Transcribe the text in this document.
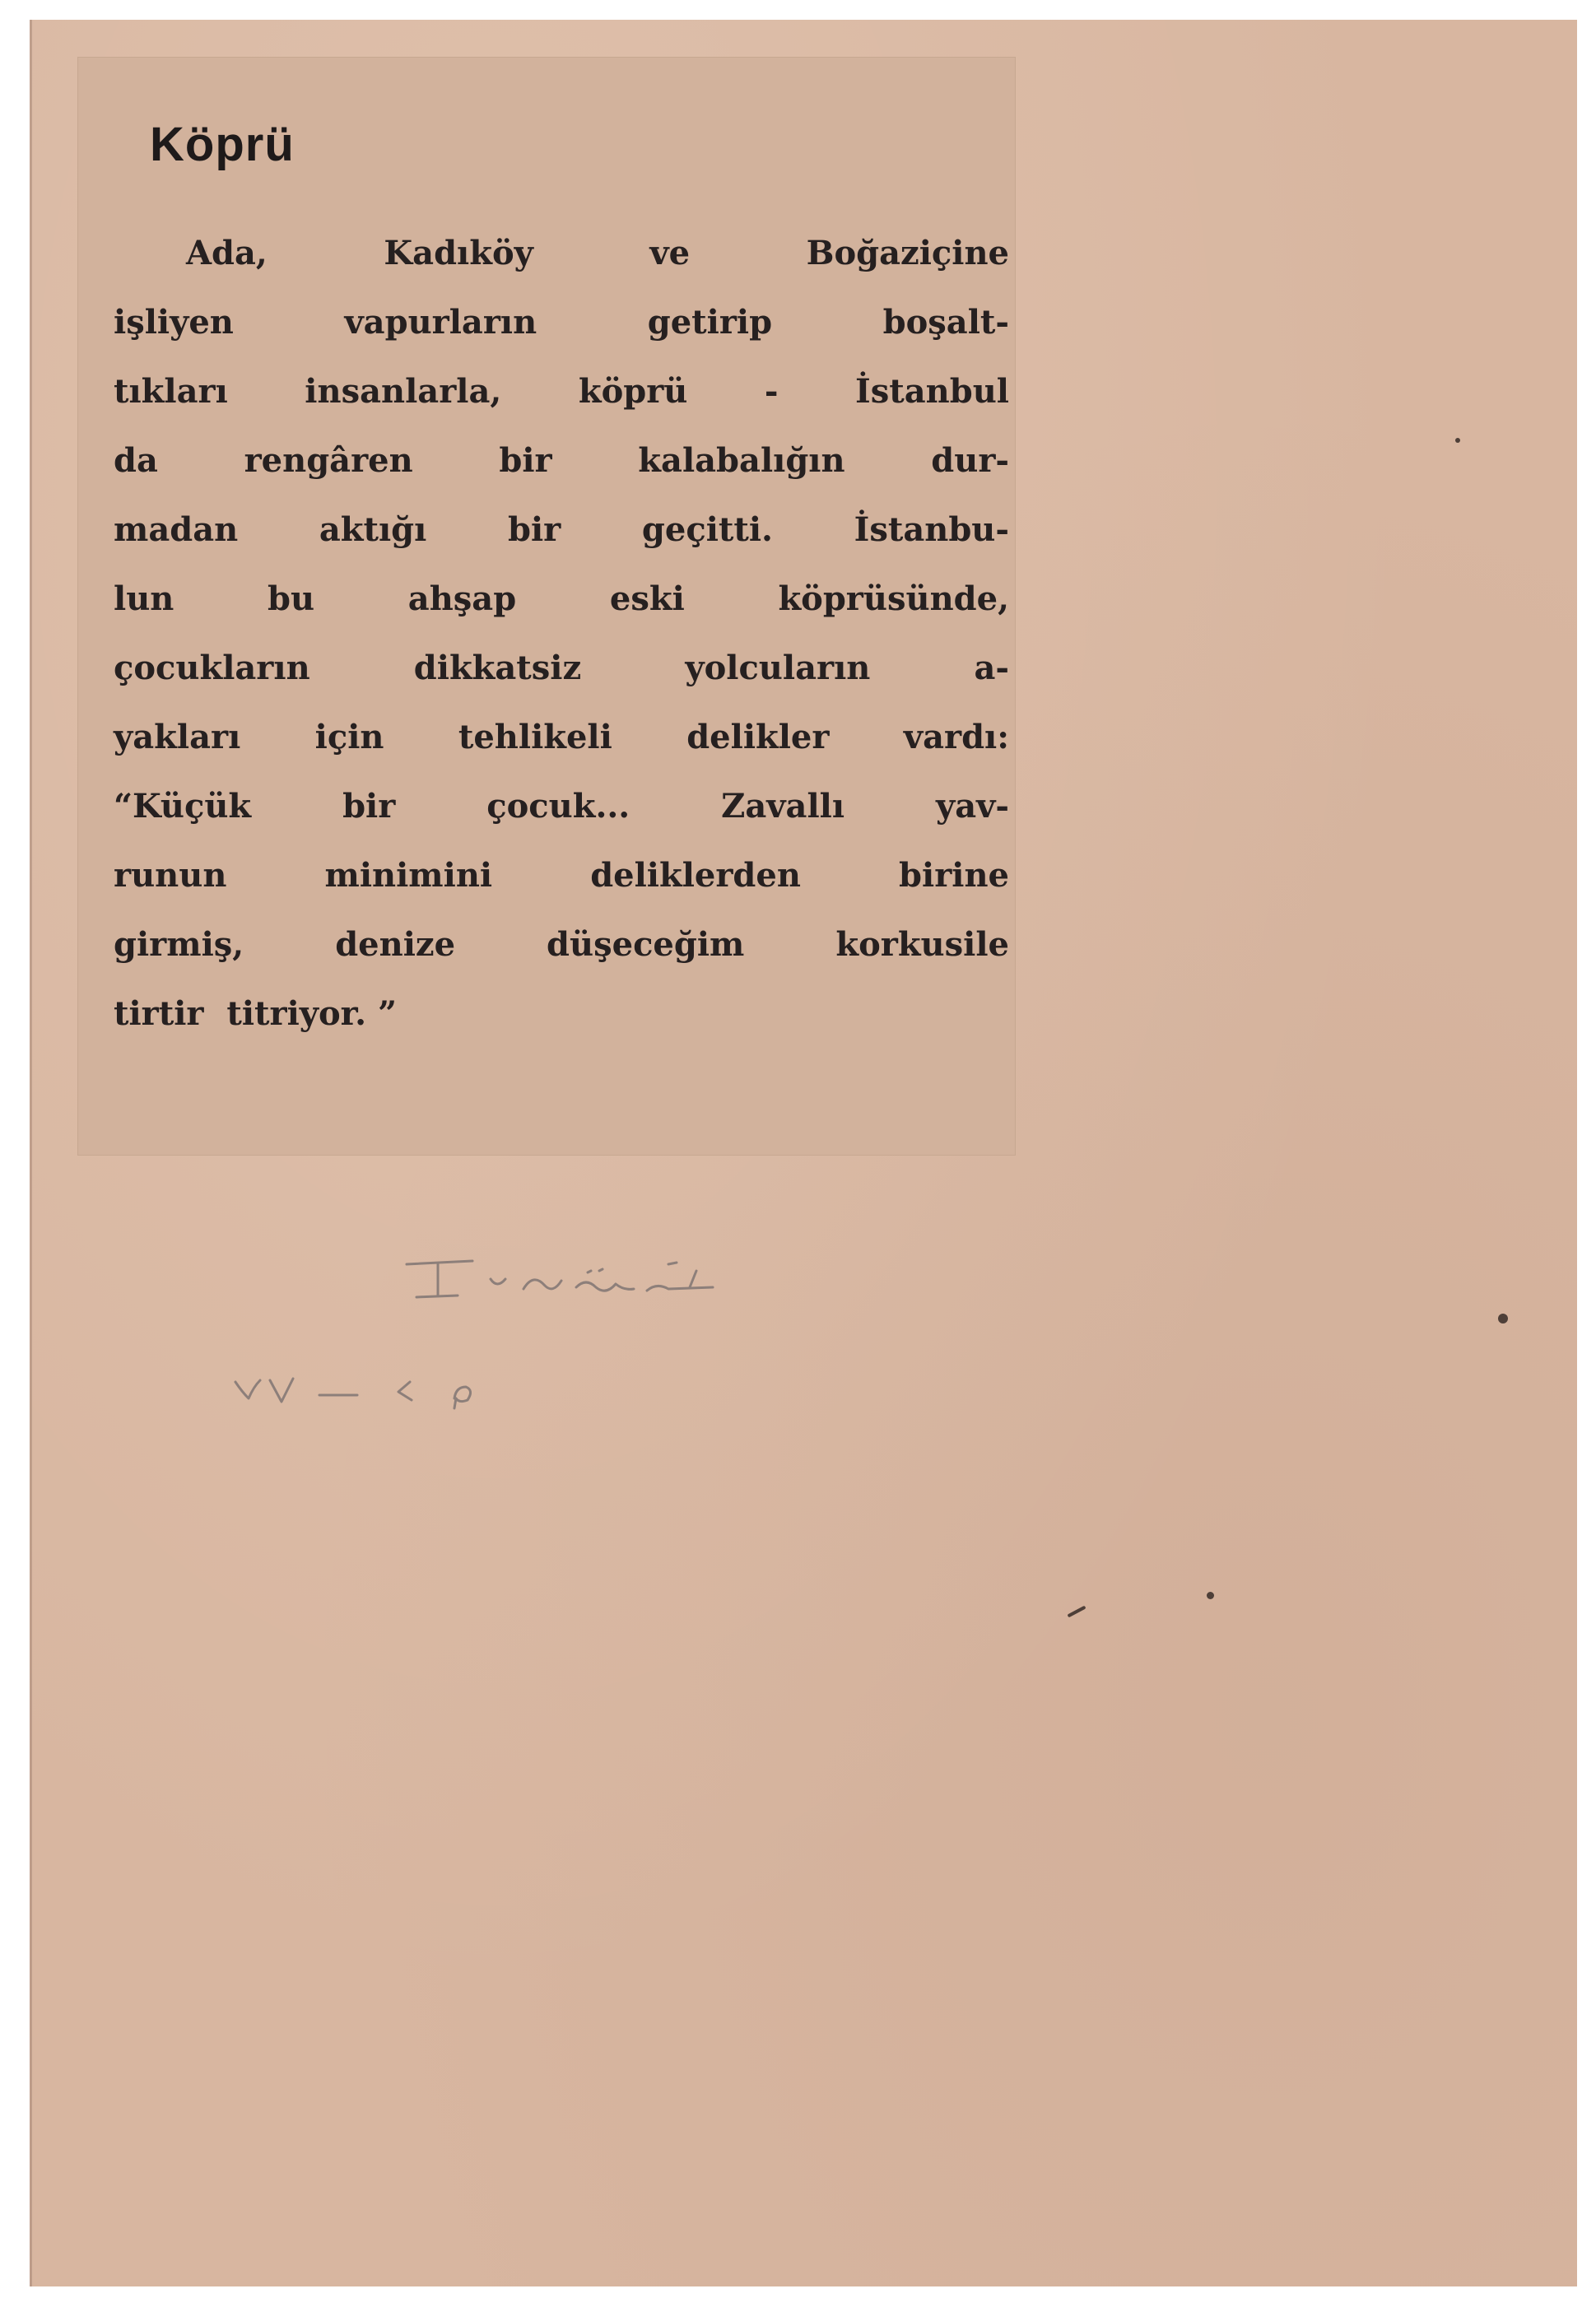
Köprü
Ada, Kadıköy ve Boğaziçine
işliyen vapurların getirip boşalt-
tıkları insanlarla, köprü - İstanbul
da rengâren bir kalabalığın dur-
madan aktığı bir geçitti. İstanbu-
lun bu ahşap eski köprüsünde,
çocukların dikkatsiz yolcuların a-
yakları için tehlikeli delikler vardı:
“Küçük bir çocuk... Zavallı yav-
runun minimini deliklerden birine
girmiş, denize düşeceğim korkusile
tirtir  titriyor. ”
